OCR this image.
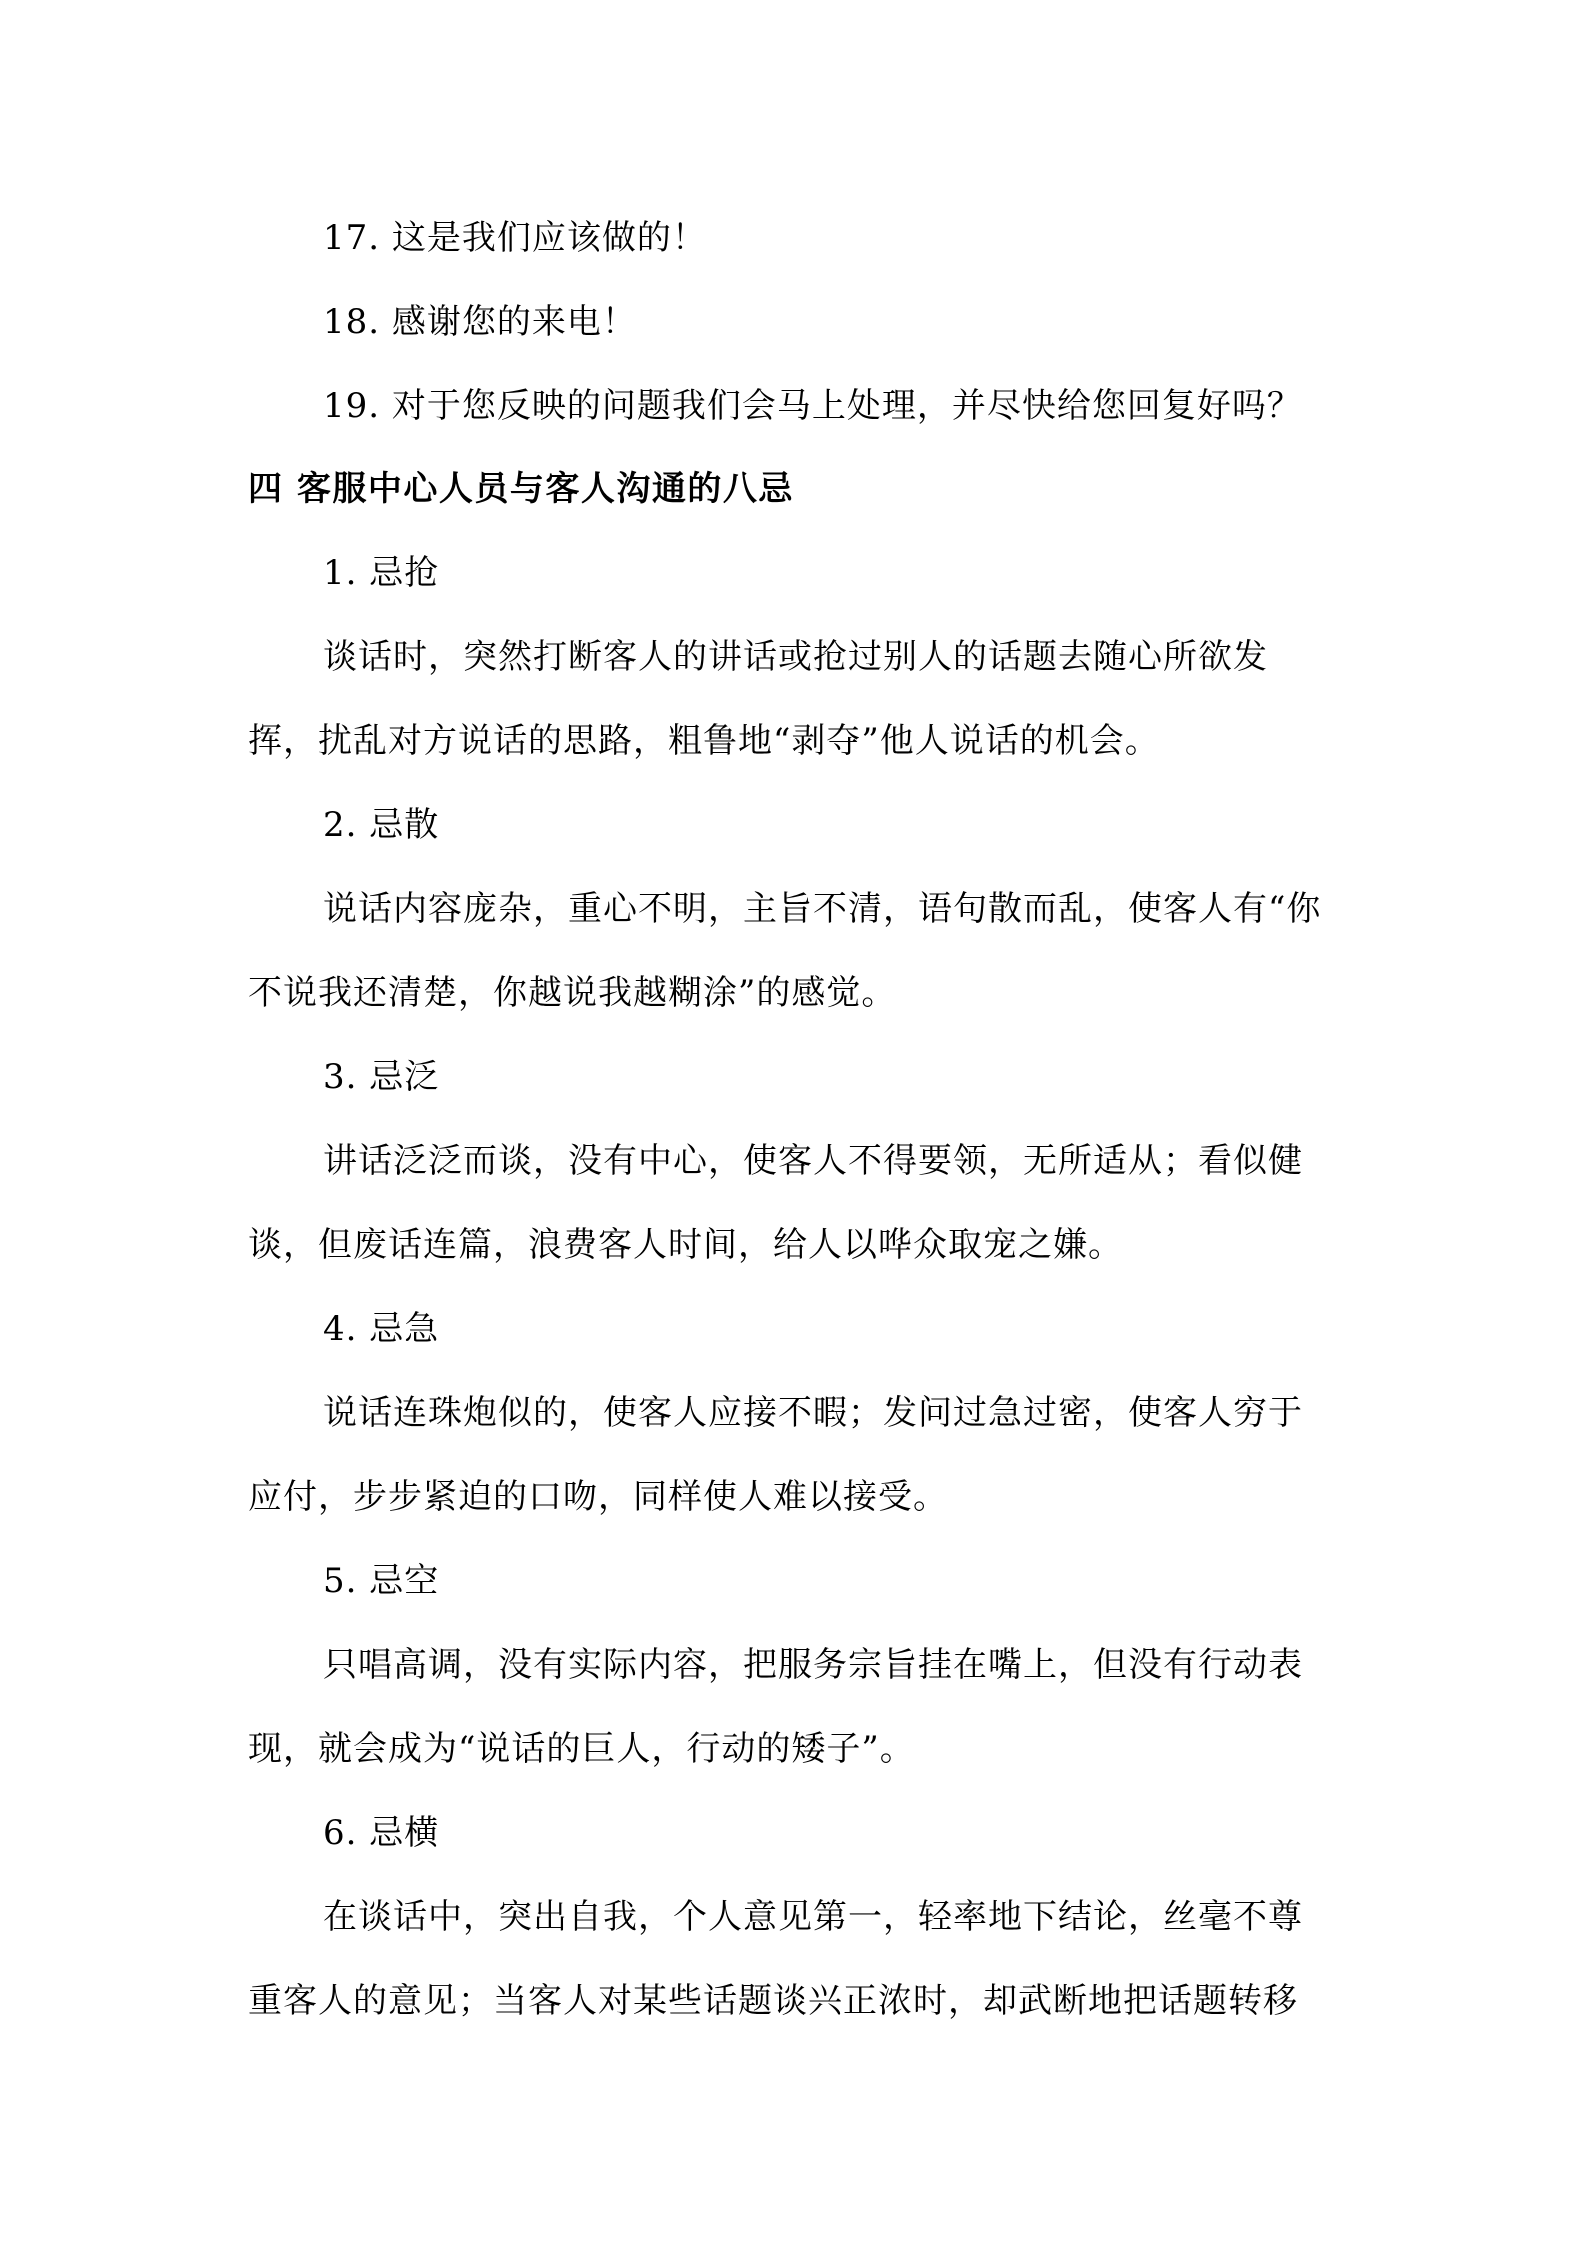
17. 这是我们应该做的！
18. 感谢您的来电！
19. 对于您反映的问题我们会马上处理，并尽快给您回复好吗？
四 客服中心人员与客人沟通的八忌
1. 忌抢
谈话时，突然打断客人的讲话或抢过别人的话题去随心所欲发
挥，扰乱对方说话的思路，粗鲁地“剥夺”他人说话的机会。
2. 忌散
说话内容庞杂，重心不明，主旨不清，语句散而乱，使客人有“你
不说我还清楚，你越说我越糊涂”的感觉。
3. 忌泛
讲话泛泛而谈，没有中心，使客人不得要领，无所适从；看似健
谈，但废话连篇，浪费客人时间，给人以哗众取宠之嫌。
4. 忌急
说话连珠炮似的，使客人应接不暇；发问过急过密，使客人穷于
应付，步步紧迫的口吻，同样使人难以接受。
5. 忌空
只唱高调，没有实际内容，把服务宗旨挂在嘴上，但没有行动表
现，就会成为“说话的巨人，行动的矮子”。
6. 忌横
在谈话中，突出自我，个人意见第一，轻率地下结论，丝毫不尊
重客人的意见；当客人对某些话题谈兴正浓时，却武断地把话题转移
